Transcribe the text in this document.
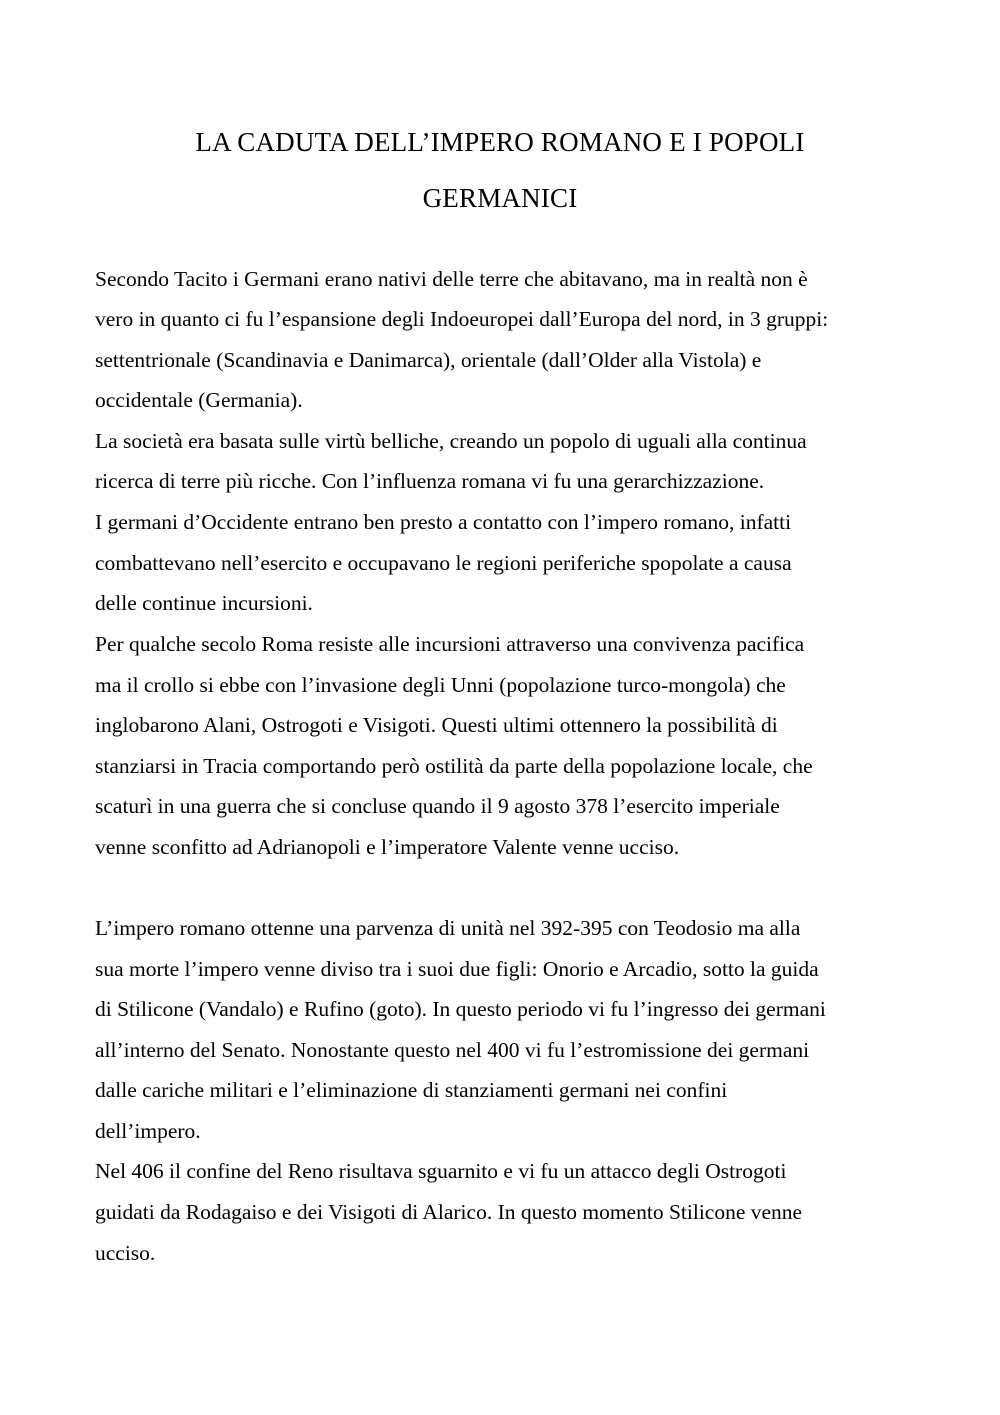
LA CADUTA DELL’IMPERO ROMANO E I POPOLI
GERMANICI

Secondo Tacito i Germani erano nativi delle terre che abitavano, ma in realtà non è

vero in quanto ci fu l’espansione degli Indoeuropei dall’Europa del nord, in 3 gruppi:

settentrionale (Scandinavia e Danimarca), orientale (dall’Older alla Vistola) e

occidentale (Germania).

La società era basata sulle virtù belliche, creando un popolo di uguali alla continua

ricerca di terre più ricche. Con l’influenza romana vi fu una gerarchizzazione.

I germani d’Occidente entrano ben presto a contatto con l’impero romano, infatti

combattevano nell’esercito e occupavano le regioni periferiche spopolate a causa

delle continue incursioni.

Per qualche secolo Roma resiste alle incursioni attraverso una convivenza pacifica

ma il crollo si ebbe con l’invasione degli Unni (popolazione turco-mongola) che

inglobarono Alani, Ostrogoti e Visigoti. Questi ultimi ottennero la possibilità di

stanziarsi in Tracia comportando però ostilità da parte della popolazione locale, che

scaturì in una guerra che si concluse quando il 9 agosto 378 l’esercito imperiale

venne sconfitto ad Adrianopoli e l’imperatore Valente venne ucciso.

L’impero romano ottenne una parvenza di unità nel 392-395 con Teodosio ma alla

sua morte l’impero venne diviso tra i suoi due figli: Onorio e Arcadio, sotto la guida

di Stilicone (Vandalo) e Rufino (goto). In questo periodo vi fu l’ingresso dei germani

all’interno del Senato. Nonostante questo nel 400 vi fu l’estromissione dei germani

dalle cariche militari e l’eliminazione di stanziamenti germani nei confini

dell’impero.

Nel 406 il confine del Reno risultava sguarnito e vi fu un attacco degli Ostrogoti

guidati da Rodagaiso e dei Visigoti di Alarico. In questo momento Stilicone venne

ucciso.
